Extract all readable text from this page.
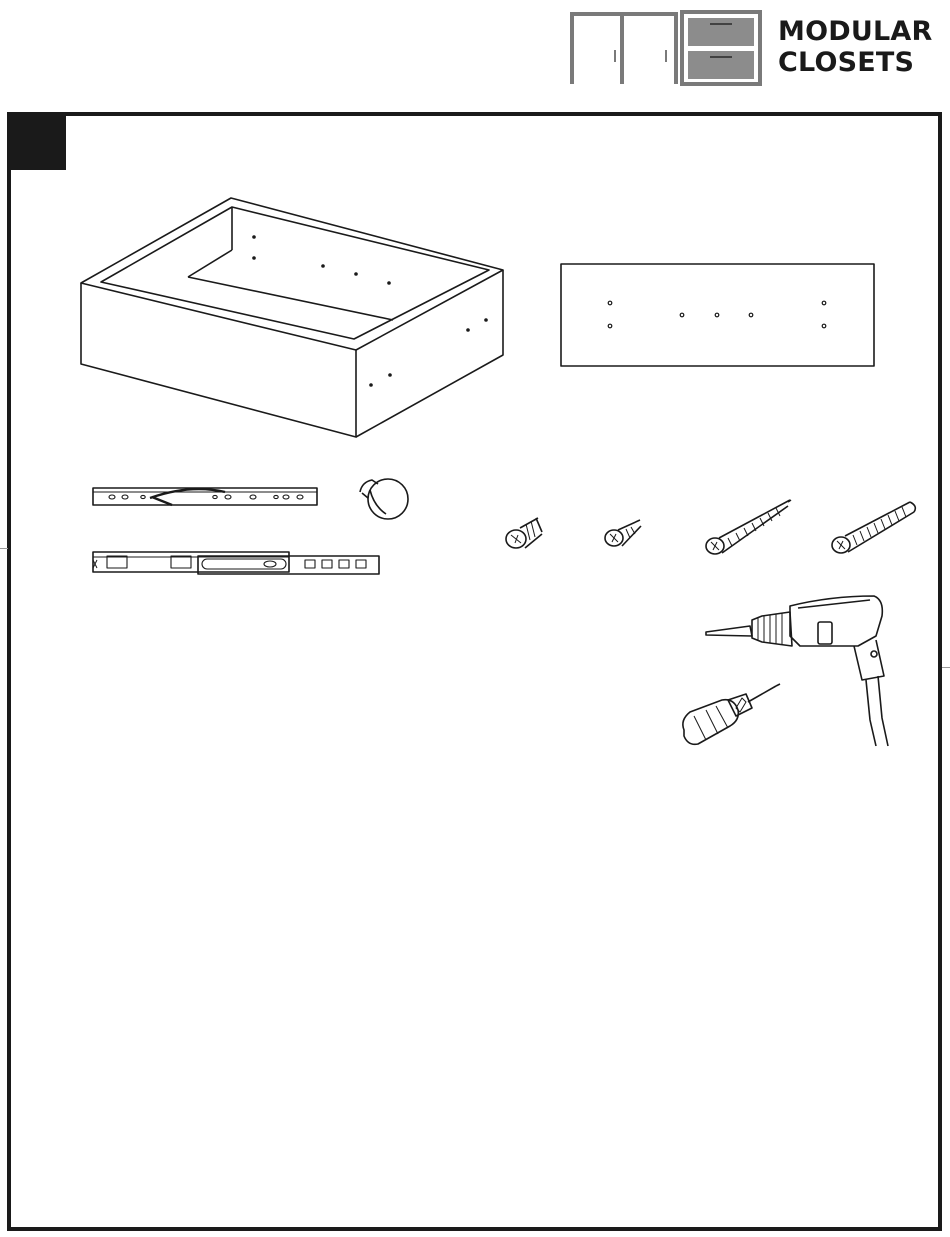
MODULAR
CLOSETS
